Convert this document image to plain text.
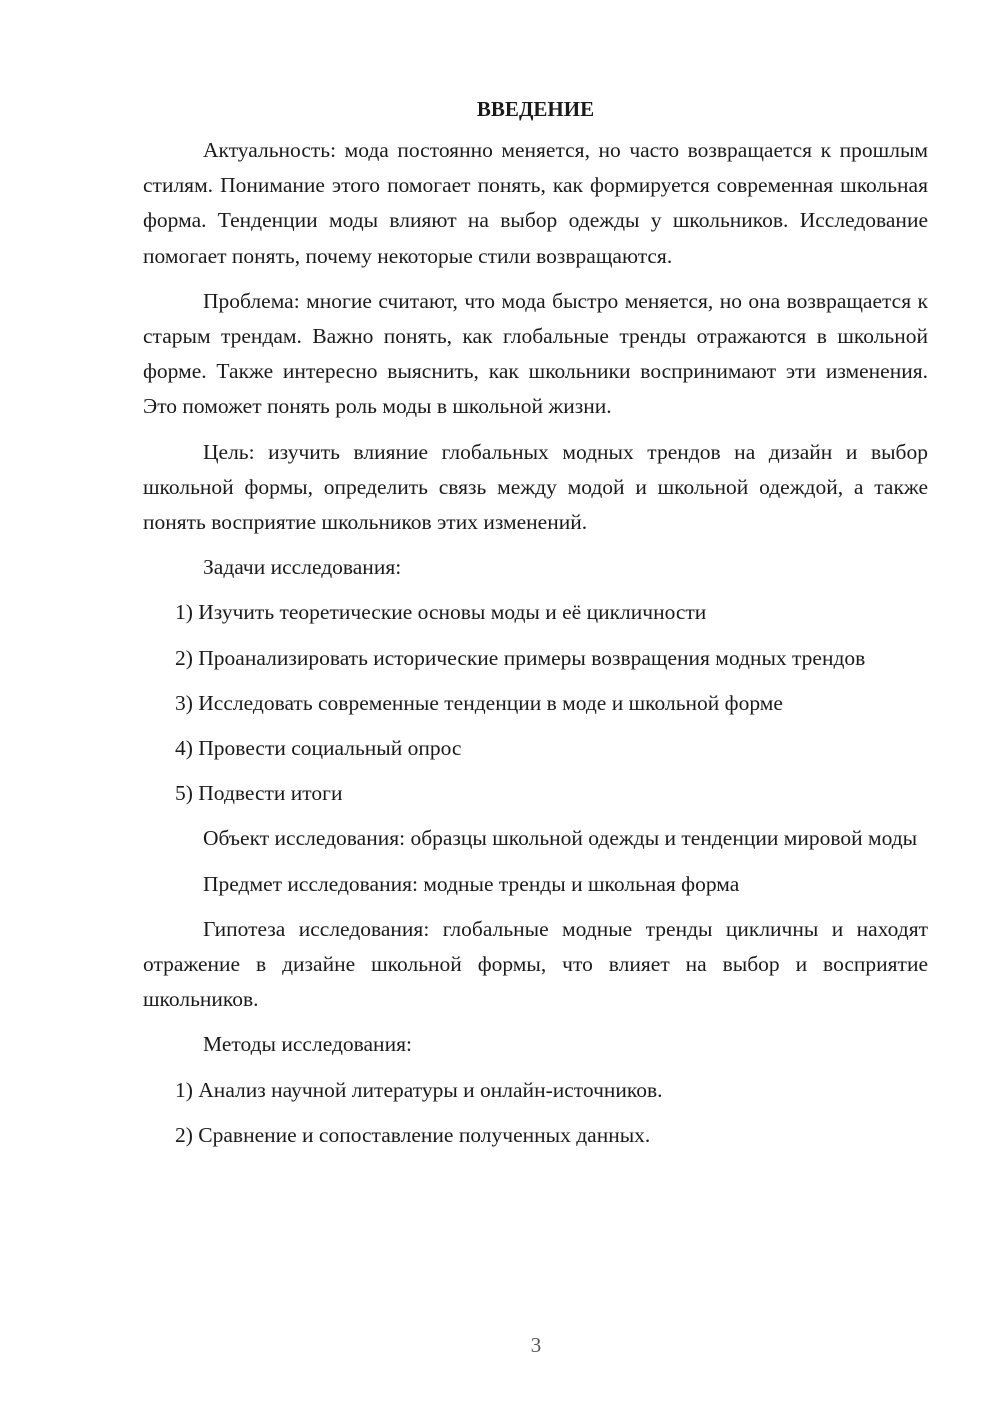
ВВЕДЕНИЕ

Актуальность: мода постоянно меняется, но часто возвращается к прошлым стилям. Понимание этого помогает понять, как формируется современная школьная форма. Тенденции моды влияют на выбор одежды у школьников. Исследование помогает понять, почему некоторые стили возвращаются.

Проблема: многие считают, что мода быстро меняется, но она возвращается к старым трендам. Важно понять, как глобальные тренды отражаются в школьной форме. Также интересно выяснить, как школьники воспринимают эти изменения. Это поможет понять роль моды в школьной жизни.

Цель: изучить влияние глобальных модных трендов на дизайн и выбор школьной формы, определить связь между модой и школьной одеждой, а также понять восприятие школьников этих изменений.

Задачи исследования:

1) Изучить теоретические основы моды и её цикличности

2) Проанализировать исторические примеры возвращения модных трендов

3) Исследовать современные тенденции в моде и школьной форме

4) Провести социальный опрос

5) Подвести итоги

Объект исследования: образцы школьной одежды и тенденции мировой моды

Предмет исследования: модные тренды и школьная форма

Гипотеза исследования: глобальные модные тренды цикличны и находят отражение в дизайне школьной формы, что влияет на выбор и восприятие школьников.

Методы исследования:

1) Анализ научной литературы и онлайн-источников.

2) Сравнение и сопоставление полученных данных.

3
